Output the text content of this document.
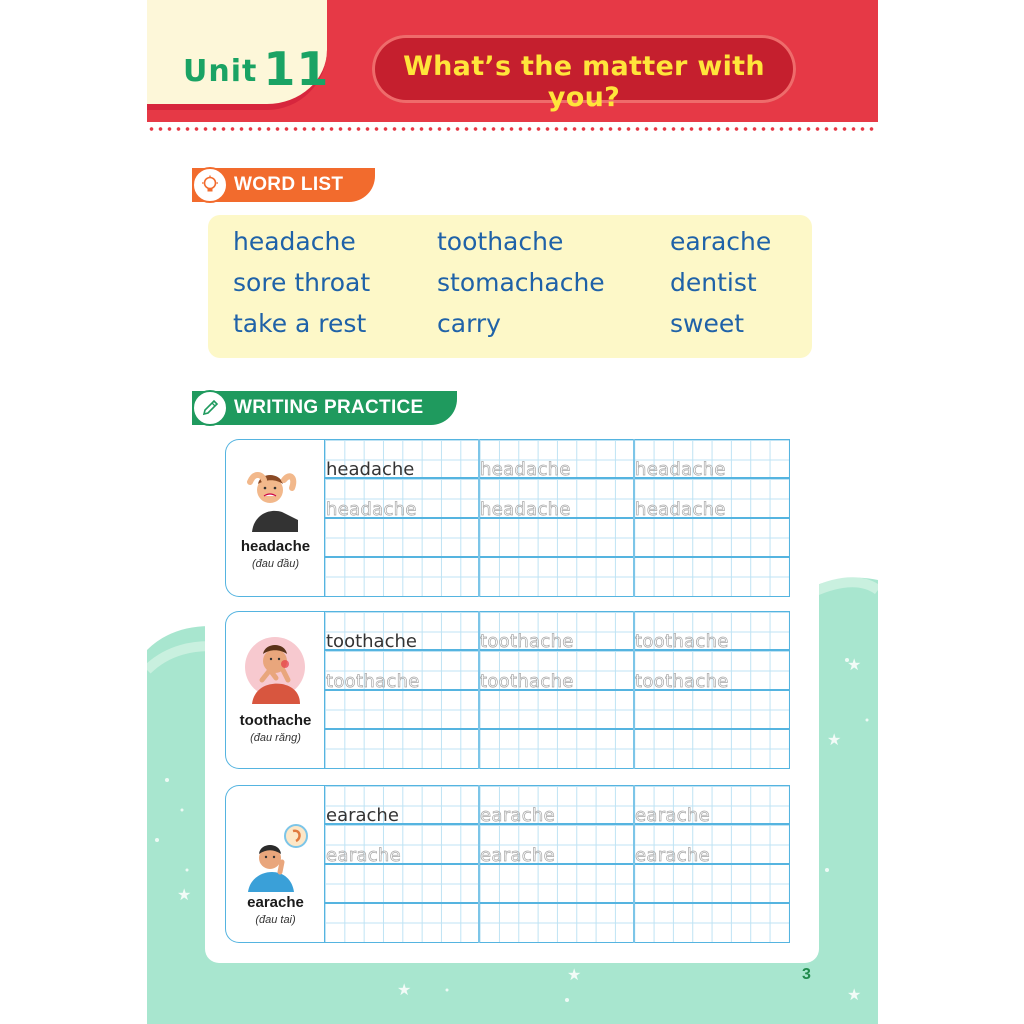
Unit 11	What’s the matter with you?
WORD LIST
headache	toothache	earache
sore throat	stomachache	dentist
take a rest	carry	sweet
★
★
★
★
★	★
WRITING PRACTICE
headache
(đau đầu)
headache	headache	headache
headache	headache	headache
toothache
(đau răng)
toothache	toothache	toothache
toothache	toothache	toothache
earache
(đau tai)
earache	earache	earache
earache	earache	earache
3
